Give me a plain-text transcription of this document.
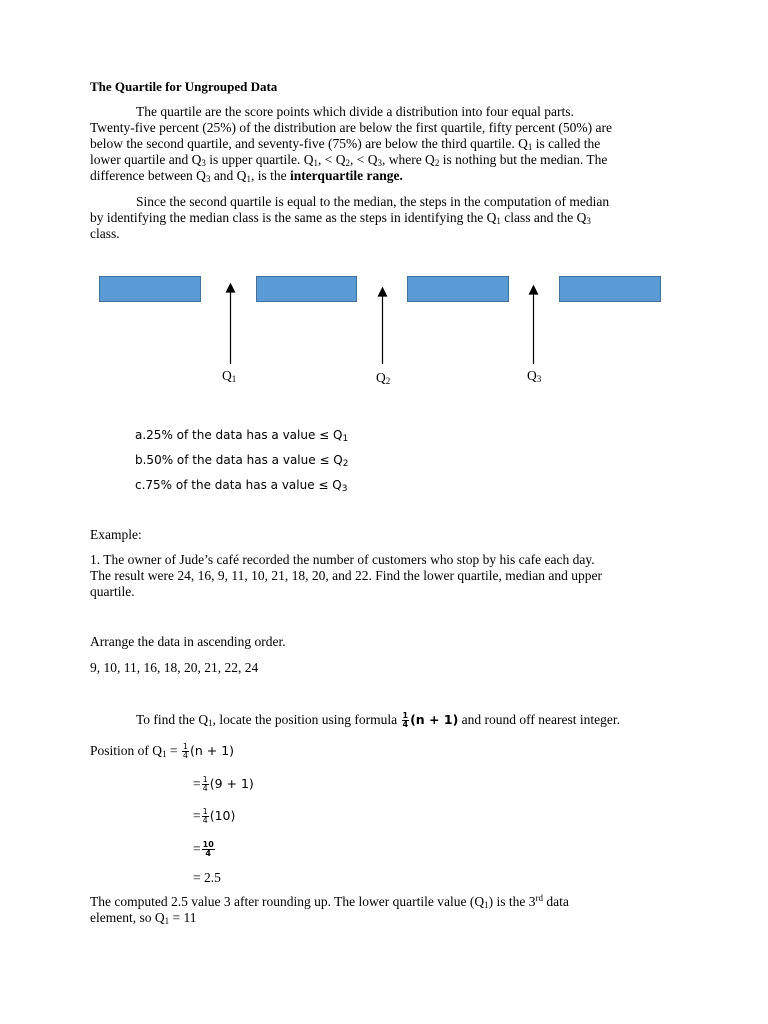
The Quartile for Ungrouped Data
The quartile are the score points which divide a distribution into four equal parts.
Twenty-five percent (25%) of the distribution are below the first quartile, fifty percent (50%) are
below the second quartile, and seventy-five (75%) are below the third quartile. $Q_1$ is called the
lower quartile and $Q_3$ is upper quartile. $Q_1$, < $Q_2$, < $Q_3$, where $Q_2$ is nothing but the median. The
difference between $Q_3$ and $Q_1$, is the interquartile range.
Since the second quartile is equal to the median, the steps in the computation of median
by identifying the median class is the same as the steps in identifying the $Q_1$ class and the $Q_3$
class.
$Q_1$	$Q_2$	$Q_3$
a.25% of the data has a value ≤ $Q_1$
b.50% of the data has a value ≤ $Q_2$
c.75% of the data has a value ≤ $Q_3$
Example:
1. The owner of Jude’s café recorded the number of customers who stop by his cafe each day.
The result were 24, 16, 9, 11, 10, 21, 18, 20, and 22. Find the lower quartile, median and upper
quartile.
Arrange the data in ascending order.
9, 10, 11, 16, 18, 20, 21, 22, 24
To find the $Q_1$, locate the position using formula $\frac{1}{4} (n + 1)$ and round off nearest integer.
Position of $Q_1 = \frac{1}{4} (n + 1)$
= $\frac{1}{4} (9 + 1)$
= $\frac{1}{4} (10)$
= $\frac{10}{4}$
= 2.5
The computed 2.5 value 3 after rounding up. The lower quartile value $(Q_1)$ is the 3rd data
element, so $Q_1 = 11$
